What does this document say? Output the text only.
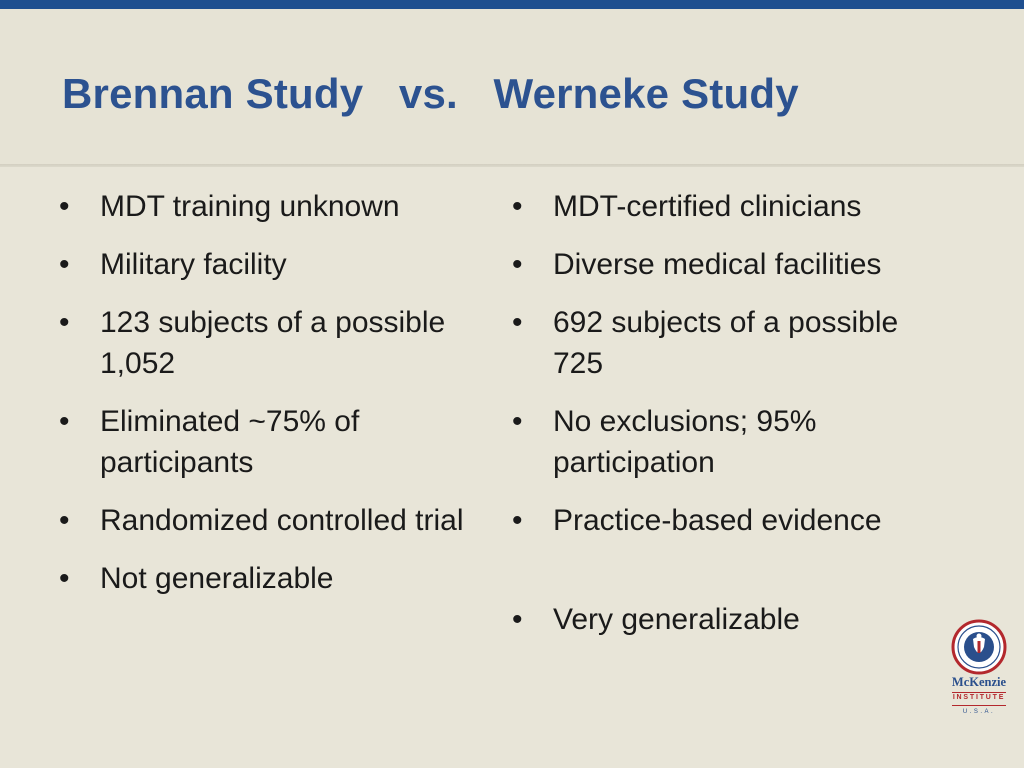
Brennan Study   vs.   Werneke Study
• MDT training unknown
• Military facility
• 123 subjects of a possible 1,052
• Eliminated ~75% of participants
• Randomized controlled trial
• Not generalizable
• MDT-certified clinicians
• Diverse medical facilities
• 692 subjects of a possible 725
• No exclusions; 95% participation
• Practice-based evidence
• Very generalizable
McKenzie
INSTITUTE
U.S.A.
